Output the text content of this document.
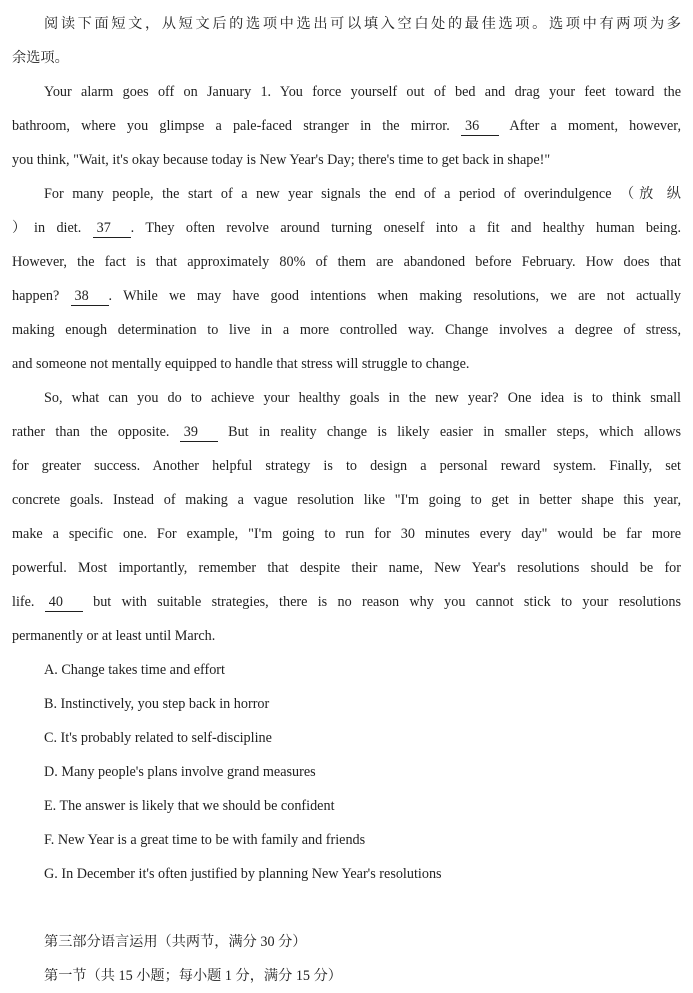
阅读下面短文，从短文后的选项中选出可以填入空白处的最佳选项。选项中有两项为多
余选项。
Your alarm goes off on January 1. You force yourself out of bed and drag your feet toward the
bathroom, where you glimpse a pale-faced stranger in the mirror. 36 After a moment, however,
you think, "Wait, it's okay because today is New Year's Day; there's time to get back in shape!"
For many people, the start of a new year signals the end of a period of overindulgence （放 纵
）in diet. 37 . They often revolve around turning oneself into a fit and healthy human being.
However, the fact is that approximately 80% of them are abandoned before February. How does that
happen? 38 . While we may have good intentions when making resolutions, we are not actually
making enough determination to live in a more controlled way. Change involves a degree of stress,
and someone not mentally equipped to handle that stress will struggle to change.
So, what can you do to achieve your healthy goals in the new year? One idea is to think small
rather than the opposite. 39 But in reality change is likely easier in smaller steps, which allows
for greater success. Another helpful strategy is to design a personal reward system. Finally, set
concrete goals. Instead of making a vague resolution like "I'm going to get in better shape this year,
make a specific one. For example, "I'm going to run for 30 minutes every day" would be far more
powerful. Most importantly, remember that despite their name, New Year's resolutions should be for
life. 40 but with suitable strategies, there is no reason why you cannot stick to your resolutions
permanently or at least until March.
A. Change takes time and effort
B. Instinctively, you step back in horror
C. It's probably related to self-discipline
D. Many people's plans involve grand measures
E. The answer is likely that we should be confident
F. New Year is a great time to be with family and friends
G. In December it's often justified by planning New Year's resolutions
第三部分语言运用（共两节，满分 30 分）
第一节（共 15 小题；每小题 1 分，满分 15 分）
